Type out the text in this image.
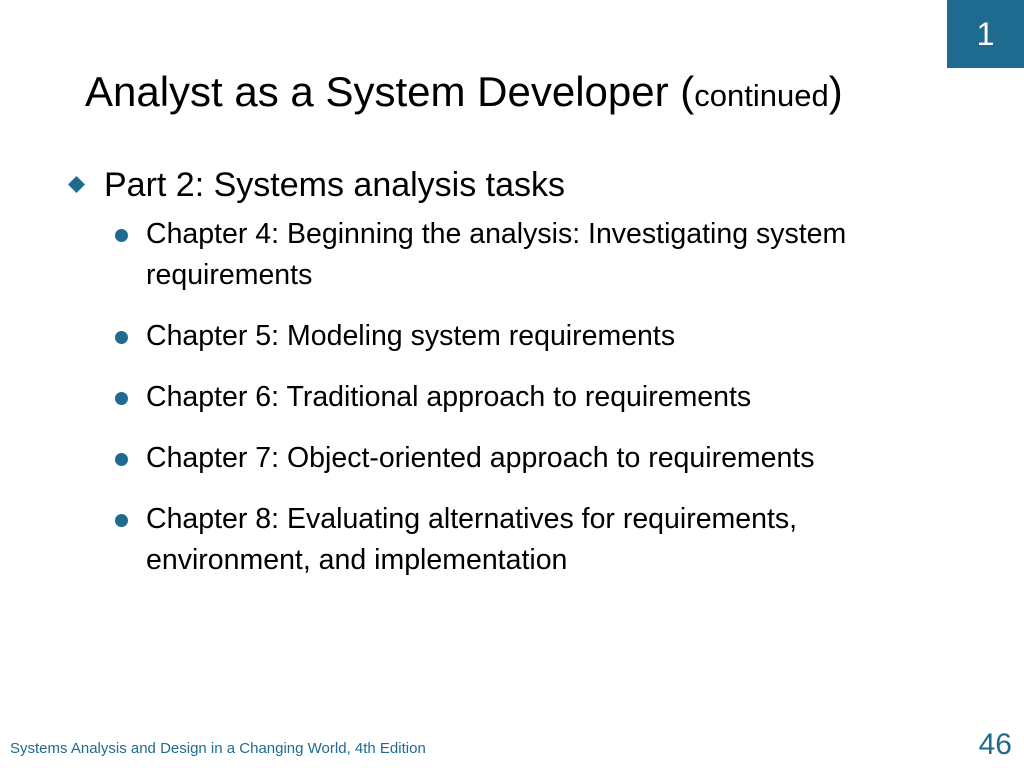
1
Analyst as a System Developer (continued)
Part 2: Systems analysis tasks
Chapter 4: Beginning the analysis: Investigating system requirements
Chapter 5: Modeling system requirements
Chapter 6: Traditional approach to requirements
Chapter 7: Object-oriented approach to requirements
Chapter 8: Evaluating alternatives for requirements, environment, and implementation
Systems Analysis and Design in a Changing World, 4th Edition	46
